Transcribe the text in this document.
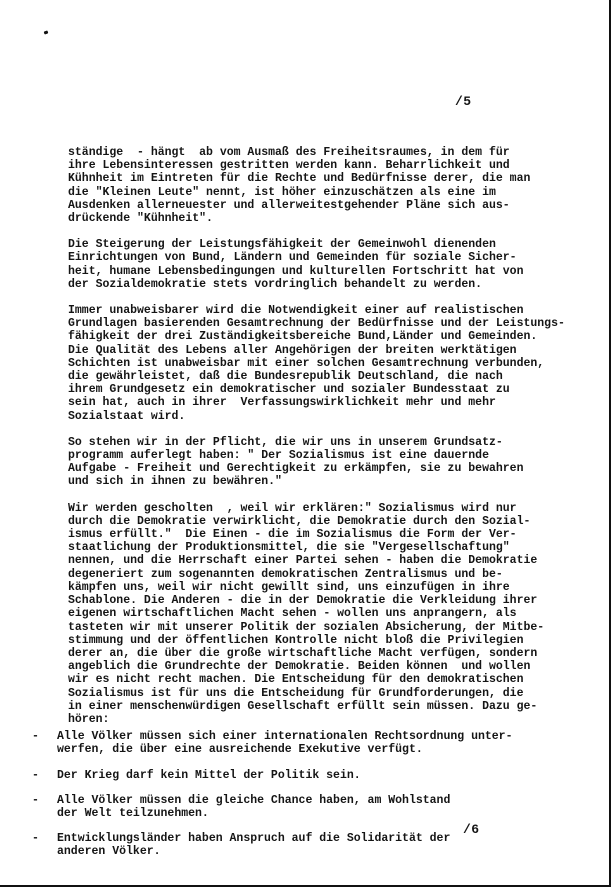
/5

ständige  - hängt  ab vom Ausmaß des Freiheitsraumes, in dem für
ihre Lebensinteressen gestritten werden kann. Beharrlichkeit und
Kühnheit im Eintreten für die Rechte und Bedürfnisse derer, die man
die "Kleinen Leute" nennt, ist höher einzuschätzen als eine im
Ausdenken allerneuester und allerweitestgehender Pläne sich aus-
drückende "Kühnheit".

Die Steigerung der Leistungsfähigkeit der Gemeinwohl dienenden
Einrichtungen von Bund, Ländern und Gemeinden für soziale Sicher-
heit, humane Lebensbedingungen und kulturellen Fortschritt hat von
der Sozialdemokratie stets vordringlich behandelt zu werden.

Immer unabweisbarer wird die Notwendigkeit einer auf realistischen
Grundlagen basierenden Gesamtrechnung der Bedürfnisse und der Leistungs-
fähigkeit der drei Zuständigkeitsbereiche Bund,Länder und Gemeinden.
Die Qualität des Lebens aller Angehörigen der breiten werktätigen
Schichten ist unabweisbar mit einer solchen Gesamtrechnung verbunden,
die gewährleistet, daß die Bundesrepublik Deutschland, die nach
ihrem Grundgesetz ein demokratischer und sozialer Bundesstaat zu
sein hat, auch in ihrer  Verfassungswirklichkeit mehr und mehr
Sozialstaat wird.

So stehen wir in der Pflicht, die wir uns in unserem Grundsatz-
programm auferlegt haben: " Der Sozialismus ist eine dauernde
Aufgabe - Freiheit und Gerechtigkeit zu erkämpfen, sie zu bewahren
und sich in ihnen zu bewähren."

Wir werden gescholten  , weil wir erklären:" Sozialismus wird nur
durch die Demokratie verwirklicht, die Demokratie durch den Sozial-
ismus erfüllt."  Die Einen - die im Sozialismus die Form der Ver-
staatlichung der Produktionsmittel, die sie "Vergesellschaftung"
nennen, und die Herrschaft einer Partei sehen - haben die Demokratie
degeneriert zum sogenannten demokratischen Zentralismus und be-
kämpfen uns, weil wir nicht gewillt sind, uns einzufügen in ihre
Schablone. Die Anderen - die in der Demokratie die Verkleidung ihrer
eigenen wirtschaftlichen Macht sehen - wollen uns anprangern, als
tasteten wir mit unserer Politik der sozialen Absicherung, der Mitbe-
stimmung und der öffentlichen Kontrolle nicht bloß die Privilegien
derer an, die über die große wirtschaftliche Macht verfügen, sondern
angeblich die Grundrechte der Demokratie. Beiden können  und wollen
wir es nicht recht machen. Die Entscheidung für den demokratischen
Sozialismus ist für uns die Entscheidung für Grundforderungen, die
in einer menschenwürdigen Gesellschaft erfüllt sein müssen. Dazu ge-
hören:

-	Alle Völker müssen sich einer internationalen Rechtsordnung unter-
werfen, die über eine ausreichende Exekutive verfügt.
-	Der Krieg darf kein Mittel der Politik sein.
-	Alle Völker müssen die gleiche Chance haben, am Wohlstand
der Welt teilzunehmen.
-	Entwicklungsländer haben Anspruch auf die Solidarität der
anderen Völker.
/6
